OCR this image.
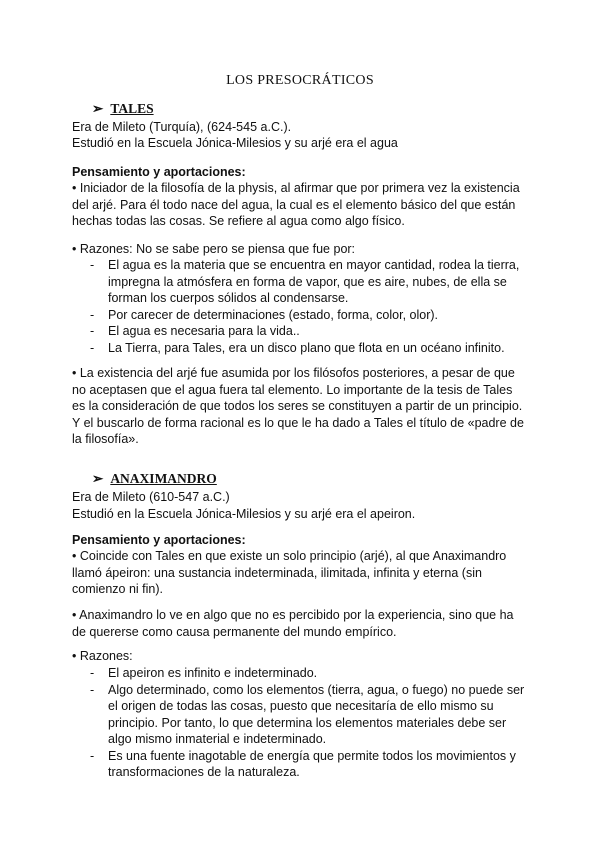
LOS PRESOCRÁTICOS
➢ TALES
Era de Mileto (Turquía), (624-545 a.C.).
Estudió en la Escuela Jónica-Milesios y su arjé era el agua
Pensamiento y aportaciones:
• Iniciador de la filosofía de la physis, al afirmar que por primera vez la existencia del arjé. Para él todo nace del agua, la cual es el elemento básico del que están hechas todas las cosas. Se refiere al agua como algo físico.
• Razones: No se sabe pero se piensa que fue por:
- El agua es la materia que se encuentra en mayor cantidad, rodea la tierra, impregna la atmósfera en forma de vapor, que es aire, nubes, de ella se forman los cuerpos sólidos al condensarse.
- Por carecer de determinaciones (estado, forma, color, olor).
- El agua es necesaria para la vida..
- La Tierra, para Tales, era un disco plano que flota en un océano infinito.
• La existencia del arjé fue asumida por los filósofos posteriores, a pesar de que no aceptasen que el agua fuera tal elemento. Lo importante de la tesis de Tales es la consideración de que todos los seres se constituyen a partir de un principio. Y el buscarlo de forma racional es lo que le ha dado a Tales el título de «padre de la filosofía».
➢ ANAXIMANDRO
Era de Mileto (610-547 a.C.)
Estudió en la Escuela Jónica-Milesios y su arjé era el apeiron.
Pensamiento y aportaciones:
• Coincide con Tales en que existe un solo principio (arjé), al que Anaximandro llamó ápeiron: una sustancia indeterminada, ilimitada, infinita y eterna (sin comienzo ni fin).
• Anaximandro lo ve en algo que no es percibido por la experiencia, sino que ha de quererse como causa permanente del mundo empírico.
• Razones:
- El apeiron es infinito e indeterminado.
- Algo determinado, como los elementos (tierra, agua, o fuego) no puede ser el origen de todas las cosas, puesto que necesitaría de ello mismo su principio. Por tanto, lo que determina los elementos materiales debe ser algo mismo inmaterial e indeterminado.
- Es una fuente inagotable de energía que permite todos los movimientos y transformaciones de la naturaleza.
